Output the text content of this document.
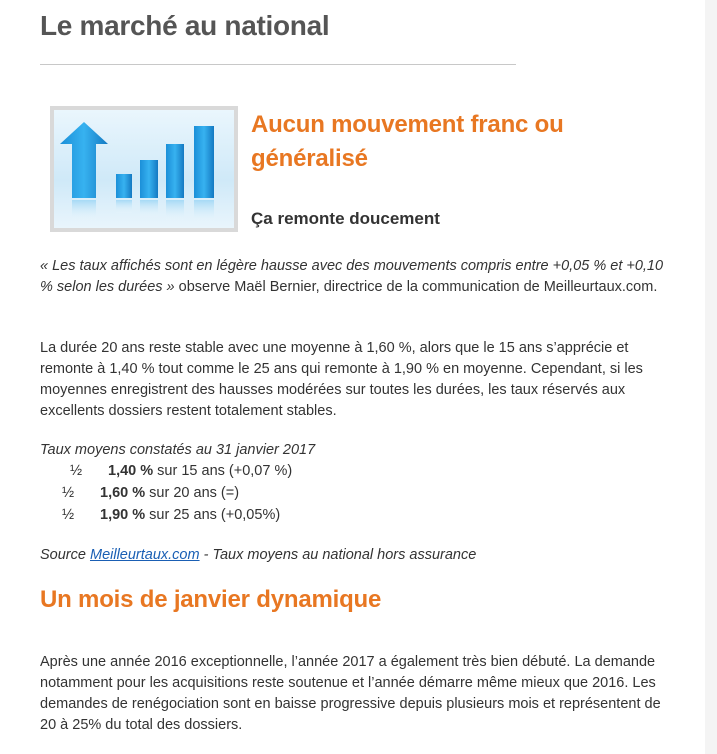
Le marché au national
Aucun mouvement franc ou généralisé
Ça remonte doucement

« Les taux affichés sont en légère hausse avec des mouvements compris entre +0,05 % et +0,10 % selon les durées » observe Maël Bernier, directrice de la communication de Meilleurtaux.com.

La durée 20 ans reste stable avec une moyenne à 1,60 %, alors que le 15 ans s’apprécie et remonte à 1,40 % tout comme le 25 ans qui remonte à 1,90 % en moyenne. Cependant, si les moyennes enregistrent des hausses modérées sur toutes les durées, les taux réservés aux excellents dossiers restent totalement stables.

Taux moyens constatés au 31 janvier 2017

½ 1,40 % sur 15 ans (+0,07 %)
½ 1,60 % sur 20 ans (=)
½ 1,90 % sur 25 ans (+0,05%)

Source Meilleurtaux.com - Taux moyens au national hors assurance

Un mois de janvier dynamique

Après une année 2016 exceptionnelle, l’année 2017 a également très bien débuté. La demande notamment pour les acquisitions reste soutenue et l’année démarre même mieux que 2016. Les demandes de renégociation sont en baisse progressive depuis plusieurs mois et représentent de 20 à 25% du total des dossiers.
